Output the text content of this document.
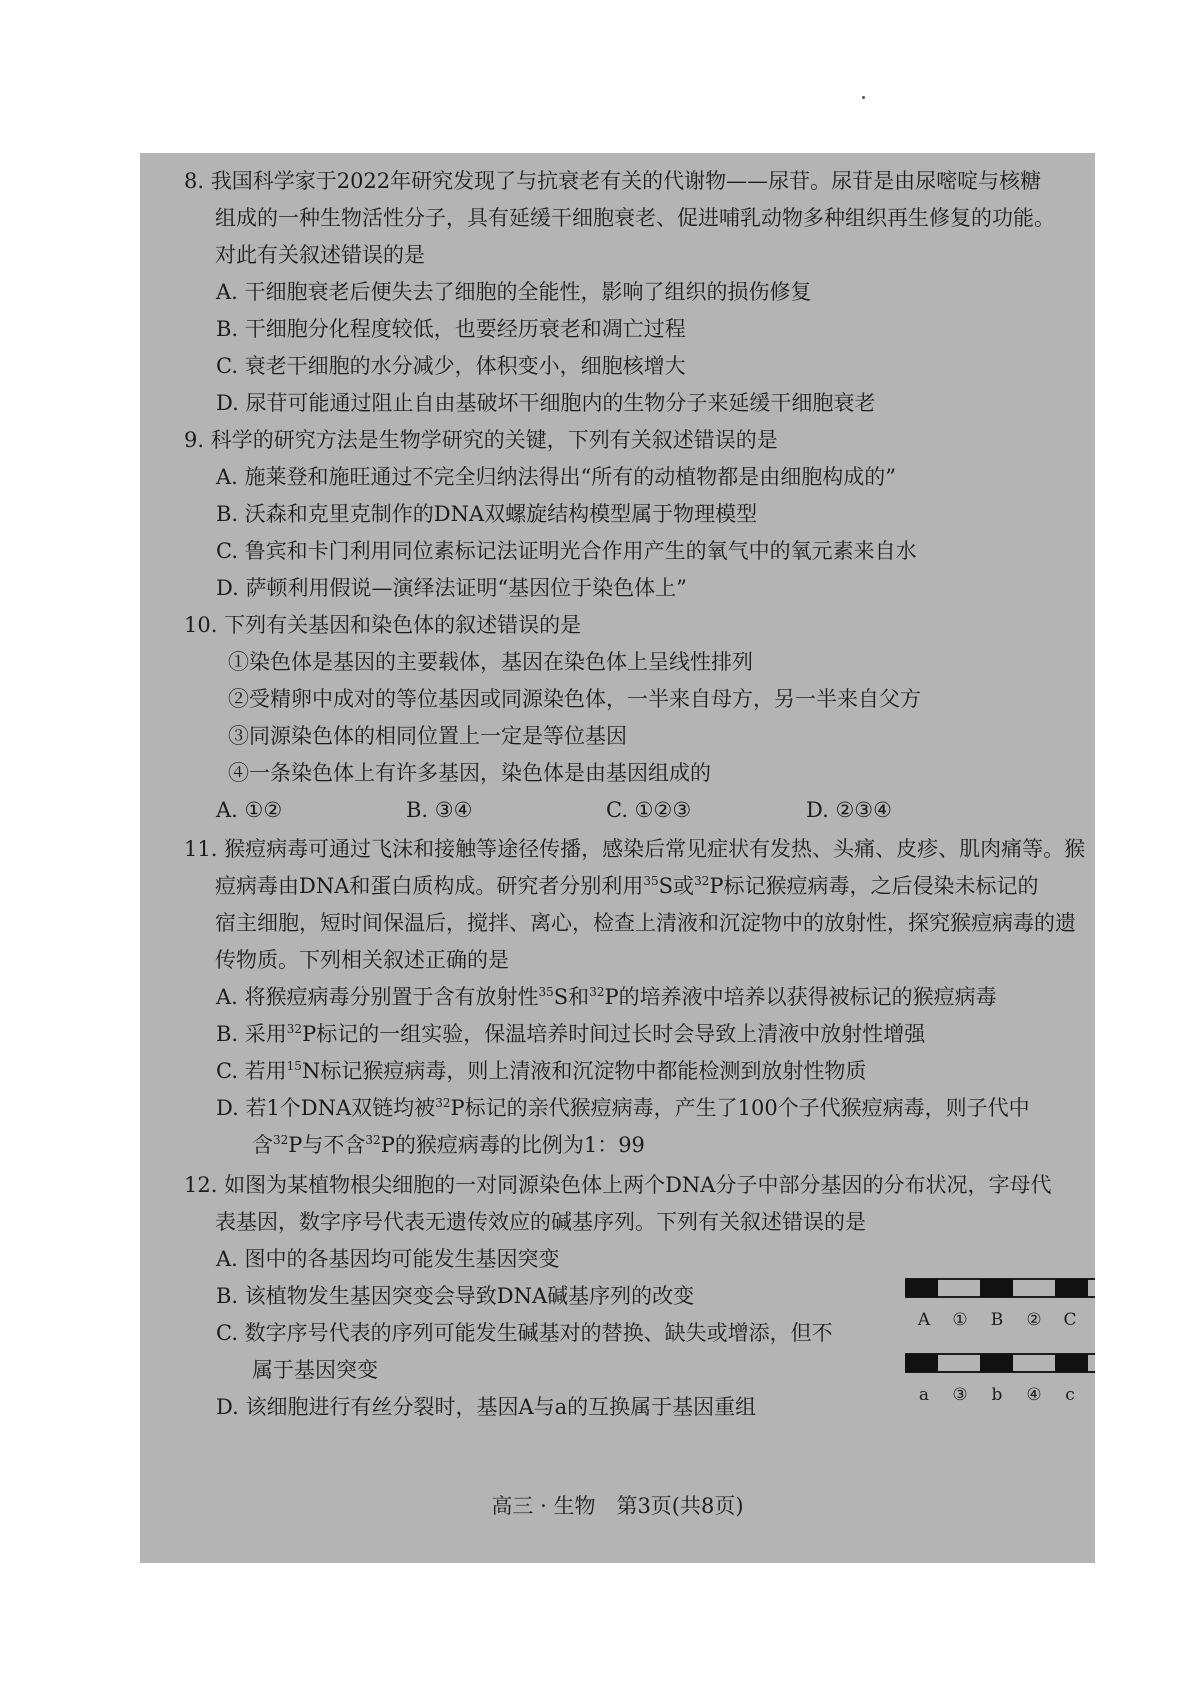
8. 我国科学家于2022年研究发现了与抗衰老有关的代谢物——尿苷。尿苷是由尿嘧啶与核糖
组成的一种生物活性分子，具有延缓干细胞衰老、促进哺乳动物多种组织再生修复的功能。
对此有关叙述错误的是
A. 干细胞衰老后便失去了细胞的全能性，影响了组织的损伤修复
B. 干细胞分化程度较低，也要经历衰老和凋亡过程
C. 衰老干细胞的水分减少，体积变小，细胞核增大
D. 尿苷可能通过阻止自由基破坏干细胞内的生物分子来延缓干细胞衰老
9. 科学的研究方法是生物学研究的关键，下列有关叙述错误的是
A. 施莱登和施旺通过不完全归纳法得出“所有的动植物都是由细胞构成的”
B. 沃森和克里克制作的DNA双螺旋结构模型属于物理模型
C. 鲁宾和卡门利用同位素标记法证明光合作用产生的氧气中的氧元素来自水
D. 萨顿利用假说—演绎法证明“基因位于染色体上”
10. 下列有关基因和染色体的叙述错误的是
①染色体是基因的主要载体，基因在染色体上呈线性排列
②受精卵中成对的等位基因或同源染色体，一半来自母方，另一半来自父方
③同源染色体的相同位置上一定是等位基因
④一条染色体上有许多基因，染色体是由基因组成的
A. ①②	B. ③④	C. ①②③	D. ②③④
11. 猴痘病毒可通过飞沫和接触等途径传播，感染后常见症状有发热、头痛、皮疹、肌肉痛等。猴
痘病毒由DNA和蛋白质构成。研究者分别利用$^{35}$S或$^{32}$P标记猴痘病毒，之后侵染未标记的
宿主细胞，短时间保温后，搅拌、离心，检查上清液和沉淀物中的放射性，探究猴痘病毒的遗
传物质。下列相关叙述正确的是
A. 将猴痘病毒分别置于含有放射性$^{35}$S和$^{32}$P的培养液中培养以获得被标记的猴痘病毒
B. 采用$^{32}$P标记的一组实验，保温培养时间过长时会导致上清液中放射性增强
C. 若用$^{15}$N标记猴痘病毒，则上清液和沉淀物中都能检测到放射性物质
D. 若1个DNA双链均被$^{32}$P标记的亲代猴痘病毒，产生了100个子代猴痘病毒，则子代中
含$^{32}$P与不含$^{32}$P的猴痘病毒的比例为1：99
12. 如图为某植物根尖细胞的一对同源染色体上两个DNA分子中部分基因的分布状况，字母代
表基因，数字序号代表无遗传效应的碱基序列。下列有关叙述错误的是
A. 图中的各基因均可能发生基因突变
B. 该植物发生基因突变会导致DNA碱基序列的改变
C. 数字序号代表的序列可能发生碱基对的替换、缺失或增添，但不
属于基因突变
D. 该细胞进行有丝分裂时，基因A与a的互换属于基因重组
A ① B ② C
a ③ b ④ c
高三 · 生物　第3页(共8页)
